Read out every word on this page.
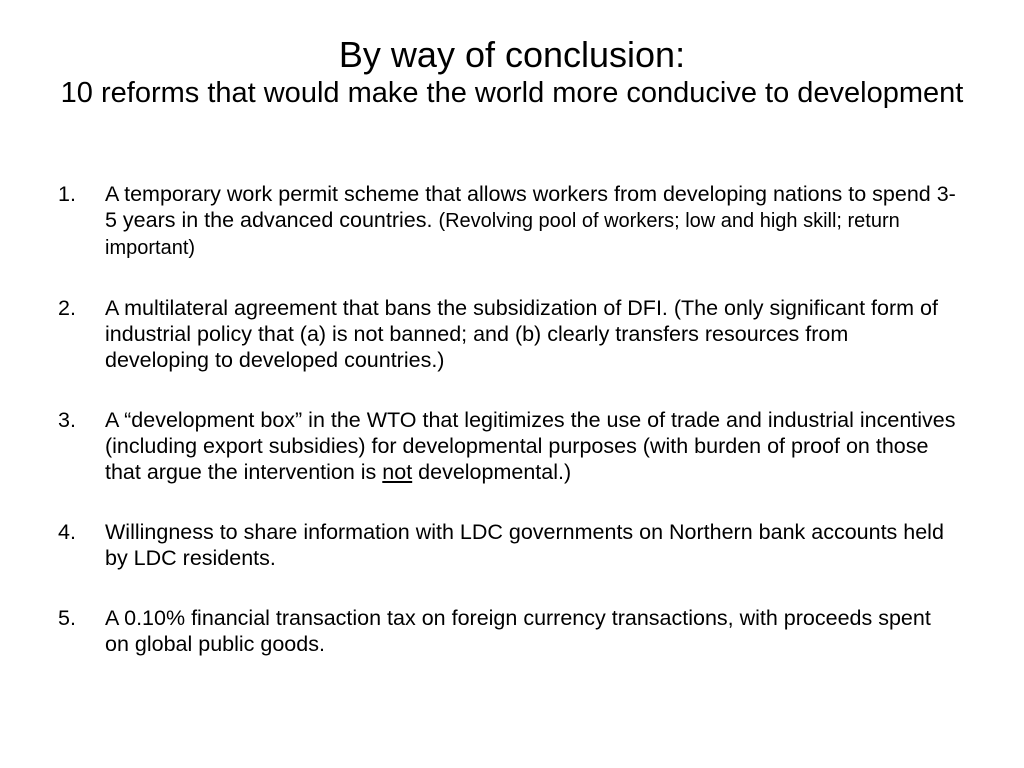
By way of conclusion:

10 reforms that would make the world more conducive to development

1. A temporary work permit scheme that allows workers from developing nations to spend 3-5 years in the advanced countries. (Revolving pool of workers; low and high skill; return important)
2. A multilateral agreement that bans the subsidization of DFI. (The only significant form of industrial policy that (a) is not banned; and (b) clearly transfers resources from developing to developed countries.)
3. A “development box” in the WTO that legitimizes the use of trade and industrial incentives (including export subsidies) for developmental purposes (with burden of proof on those that argue the intervention is not developmental.)
4. Willingness to share information with LDC governments on Northern bank accounts held by LDC residents.
5. A 0.10% financial transaction tax on foreign currency transactions, with proceeds spent on global public goods.
